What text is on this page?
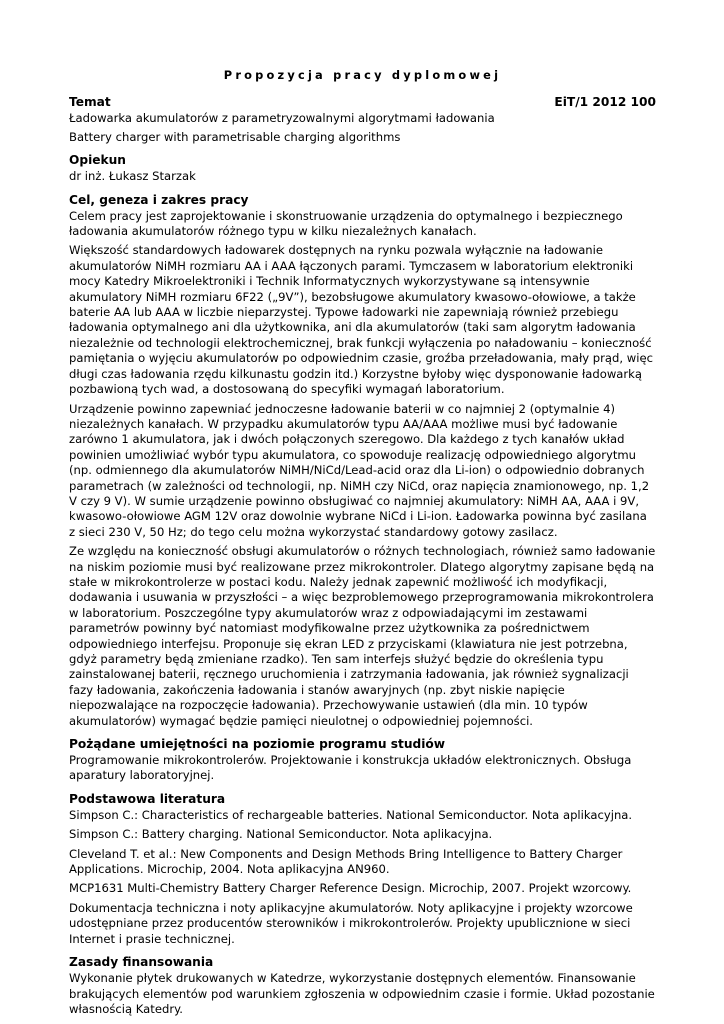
Propozycja pracy dyplomowej
Temat	EiT/1 2012 100
Ładowarka akumulatorów z parametryzowalnymi algorytmami ładowania
Battery charger with parametrisable charging algorithms
Opiekun
dr inż. Łukasz Starzak
Cel, geneza i zakres pracy
Celem pracy jest zaprojektowanie i skonstruowanie urządzenia do optymalnego i bezpiecznego ładowania akumulatorów różnego typu w kilku niezależnych kanałach.
Większość standardowych ładowarek dostępnych na rynku pozwala wyłącznie na ładowanie akumulatorów NiMH rozmiaru AA i AAA łączonych parami. Tymczasem w laboratorium elektroniki mocy Katedry Mikroelektroniki i Technik Informatycznych wykorzystywane są intensywnie akumulatory NiMH rozmiaru 6F22 („9V”), bezobsługowe akumulatory kwasowo-ołowiowe, a także baterie AA lub AAA w liczbie nieparzystej. Typowe ładowarki nie zapewniają również przebiegu ładowania optymalnego ani dla użytkownika, ani dla akumulatorów (taki sam algorytm ładowania niezależnie od technologii elektrochemicznej, brak funkcji wyłączenia po naładowaniu – konieczność pamiętania o wyjęciu akumulatorów po odpowiednim czasie, groźba przeładowania, mały prąd, więc długi czas ładowania rzędu kilkunastu godzin itd.) Korzystne byłoby więc dysponowanie ładowarką pozbawioną tych wad, a dostosowaną do specyfiki wymagań laboratorium.
Urządzenie powinno zapewniać jednoczesne ładowanie baterii w co najmniej 2 (optymalnie 4) niezależnych kanałach. W przypadku akumulatorów typu AA/AAA możliwe musi być ładowanie zarówno 1 akumulatora, jak i dwóch połączonych szeregowo. Dla każdego z tych kanałów układ powinien umożliwiać wybór typu akumulatora, co spowoduje realizację odpowiedniego algorytmu (np. odmiennego dla akumulatorów NiMH/NiCd/Lead-acid oraz dla Li-ion) o odpowiednio dobranych parametrach (w zależności od technologii, np. NiMH czy NiCd, oraz napięcia znamionowego, np. 1,2 V czy 9 V). W sumie urządzenie powinno obsługiwać co najmniej akumulatory: NiMH AA, AAA i 9V, kwasowo-ołowiowe AGM 12V oraz dowolnie wybrane NiCd i Li-ion. Ładowarka powinna być zasilana z sieci 230 V, 50 Hz; do tego celu można wykorzystać standardowy gotowy zasilacz.
Ze względu na konieczność obsługi akumulatorów o różnych technologiach, również samo ładowanie na niskim poziomie musi być realizowane przez mikrokontroler. Dlatego algorytmy zapisane będą na stałe w mikrokontrolerze w postaci kodu. Należy jednak zapewnić możliwość ich modyfikacji, dodawania i usuwania w przyszłości – a więc bezproblemowego przeprogramowania mikrokontrolera w laboratorium. Poszczególne typy akumulatorów wraz z odpowiadającymi im zestawami parametrów powinny być natomiast modyfikowalne przez użytkownika za pośrednictwem odpowiedniego interfejsu. Proponuje się ekran LED z przyciskami (klawiatura nie jest potrzebna, gdyż parametry będą zmieniane rzadko). Ten sam interfejs służyć będzie do określenia typu zainstalowanej baterii, ręcznego uruchomienia i zatrzymania ładowania, jak również sygnalizacji fazy ładowania, zakończenia ładowania i stanów awaryjnych (np. zbyt niskie napięcie niepozwalające na rozpoczęcie ładowania). Przechowywanie ustawień (dla min. 10 typów akumulatorów) wymagać będzie pamięci nieulotnej o odpowiedniej pojemności.
Pożądane umiejętności na poziomie programu studiów
Programowanie mikrokontrolerów. Projektowanie i konstrukcja układów elektronicznych. Obsługa aparatury laboratoryjnej.
Podstawowa literatura
Simpson C.: Characteristics of rechargeable batteries. National Semiconductor. Nota aplikacyjna.
Simpson C.: Battery charging. National Semiconductor. Nota aplikacyjna.
Cleveland T. et al.: New Components and Design Methods Bring Intelligence to Battery Charger Applications. Microchip, 2004. Nota aplikacyjna AN960.
MCP1631 Multi-Chemistry Battery Charger Reference Design. Microchip, 2007. Projekt wzorcowy.
Dokumentacja techniczna i noty aplikacyjne akumulatorów. Noty aplikacyjne i projekty wzorcowe udostępniane przez producentów sterowników i mikrokontrolerów. Projekty upublicznione w sieci Internet i prasie technicznej.
Zasady finansowania
Wykonanie płytek drukowanych w Katedrze, wykorzystanie dostępnych elementów. Finansowanie brakujących elementów pod warunkiem zgłoszenia w odpowiednim czasie i formie. Układ pozostanie własnością Katedry.
